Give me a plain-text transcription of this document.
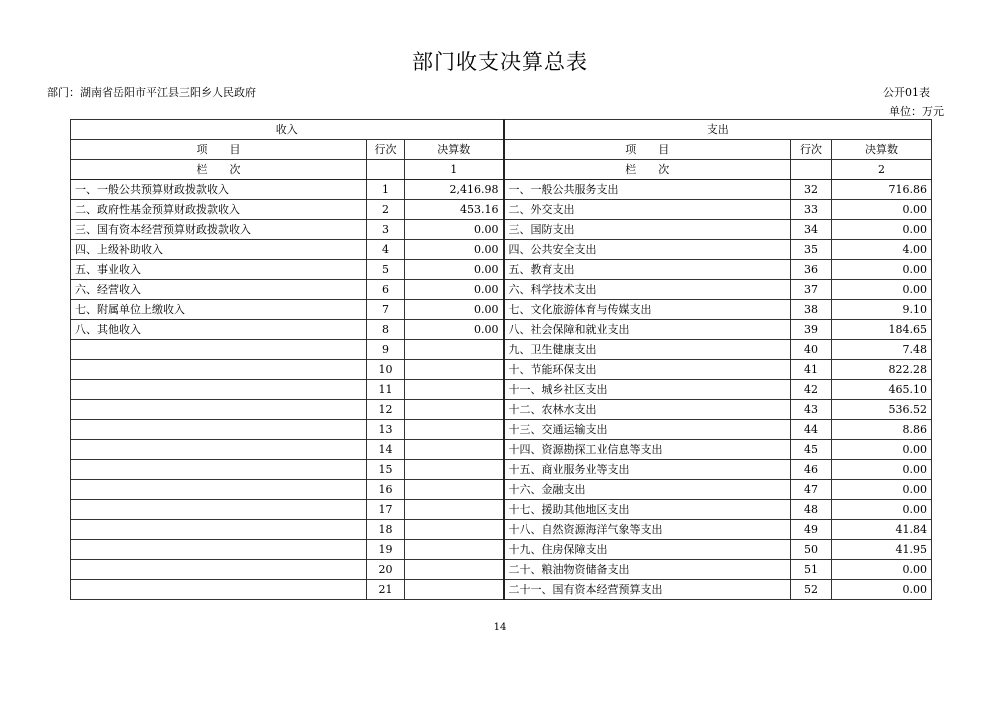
部门收支决算总表
部门：湖南省岳阳市平江县三阳乡人民政府	公开01表
单位：万元
收入			支出		
项　　目	行次	决算数	项　　目	行次	决算数
栏　　次		1	栏　　次		2
一、一般公共预算财政拨款收入	1	2,416.98	一、一般公共服务支出	32	716.86
二、政府性基金预算财政拨款收入	2	453.16	二、外交支出	33	0.00
三、国有资本经营预算财政拨款收入	3	0.00	三、国防支出	34	0.00
四、上级补助收入	4	0.00	四、公共安全支出	35	4.00
五、事业收入	5	0.00	五、教育支出	36	0.00
六、经营收入	6	0.00	六、科学技术支出	37	0.00
七、附属单位上缴收入	7	0.00	七、文化旅游体育与传媒支出	38	9.10
八、其他收入	8	0.00	八、社会保障和就业支出	39	184.65
	9		九、卫生健康支出	40	7.48
	10		十、节能环保支出	41	822.28
	11		十一、城乡社区支出	42	465.10
	12		十二、农林水支出	43	536.52
	13		十三、交通运输支出	44	8.86
	14		十四、资源勘探工业信息等支出	45	0.00
	15		十五、商业服务业等支出	46	0.00
	16		十六、金融支出	47	0.00
	17		十七、援助其他地区支出	48	0.00
	18		十八、自然资源海洋气象等支出	49	41.84
	19		十九、住房保障支出	50	41.95
	20		二十、粮油物资储备支出	51	0.00
	21		二十一、国有资本经营预算支出	52	0.00
14
